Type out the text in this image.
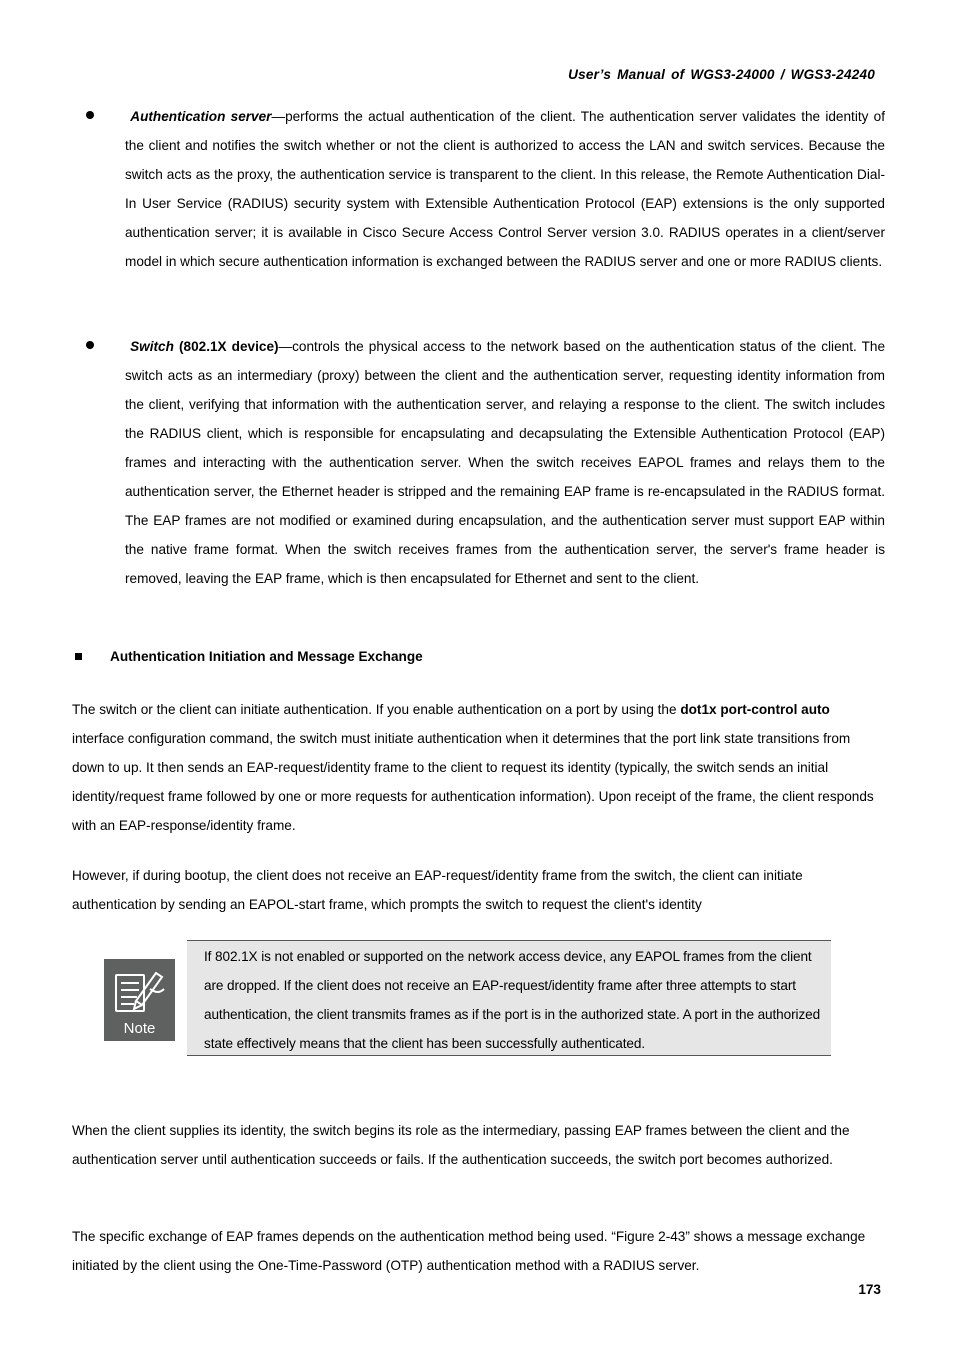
User’s Manual of WGS3-24000 / WGS3-24240
Authentication server—performs the actual authentication of the client. The authentication server validates the identity of the client and notifies the switch whether or not the client is authorized to access the LAN and switch services. Because the switch acts as the proxy, the authentication service is transparent to the client. In this release, the Remote Authentication Dial-In User Service (RADIUS) security system with Extensible Authentication Protocol (EAP) extensions is the only supported authentication server; it is available in Cisco Secure Access Control Server version 3.0. RADIUS operates in a client/server model in which secure authentication information is exchanged between the RADIUS server and one or more RADIUS clients.
Switch (802.1X device)—controls the physical access to the network based on the authentication status of the client. The switch acts as an intermediary (proxy) between the client and the authentication server, requesting identity information from the client, verifying that information with the authentication server, and relaying a response to the client. The switch includes the RADIUS client, which is responsible for encapsulating and decapsulating the Extensible Authentication Protocol (EAP) frames and interacting with the authentication server. When the switch receives EAPOL frames and relays them to the authentication server, the Ethernet header is stripped and the remaining EAP frame is re-encapsulated in the RADIUS format. The EAP frames are not modified or examined during encapsulation, and the authentication server must support EAP within the native frame format. When the switch receives frames from the authentication server, the server's frame header is removed, leaving the EAP frame, which is then encapsulated for Ethernet and sent to the client.
Authentication Initiation and Message Exchange
The switch or the client can initiate authentication. If you enable authentication on a port by using the dot1x port-control auto interface configuration command, the switch must initiate authentication when it determines that the port link state transitions from down to up. It then sends an EAP-request/identity frame to the client to request its identity (typically, the switch sends an initial identity/request frame followed by one or more requests for authentication information). Upon receipt of the frame, the client responds with an EAP-response/identity frame.
However, if during bootup, the client does not receive an EAP-request/identity frame from the switch, the client can initiate authentication by sending an EAPOL-start frame, which prompts the switch to request the client's identity
Note
If 802.1X is not enabled or supported on the network access device, any EAPOL frames from the client are dropped. If the client does not receive an EAP-request/identity frame after three attempts to start authentication, the client transmits frames as if the port is in the authorized state. A port in the authorized state effectively means that the client has been successfully authenticated.
When the client supplies its identity, the switch begins its role as the intermediary, passing EAP frames between the client and the authentication server until authentication succeeds or fails. If the authentication succeeds, the switch port becomes authorized.
The specific exchange of EAP frames depends on the authentication method being used. “Figure 2-43” shows a message exchange initiated by the client using the One-Time-Password (OTP) authentication method with a RADIUS server.
173
